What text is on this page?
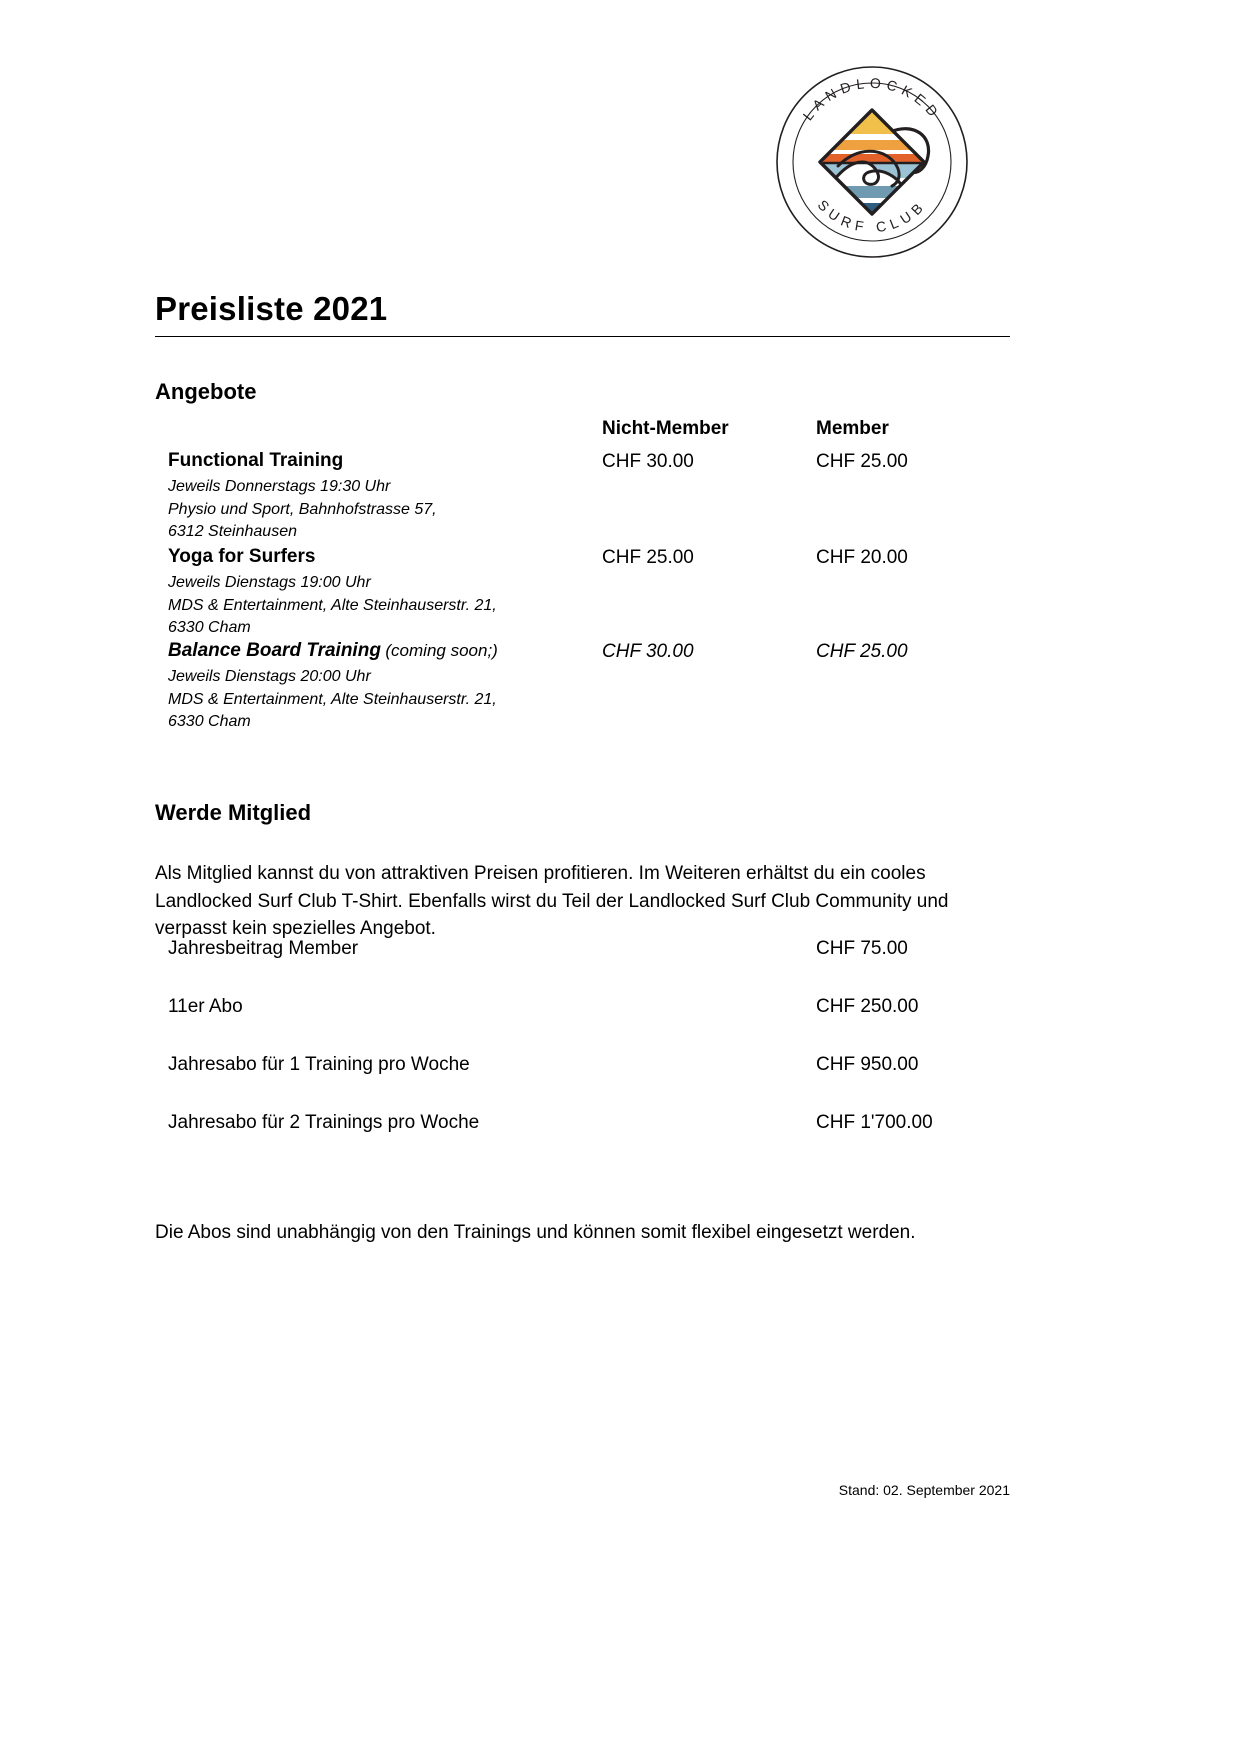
LANDLOCKED
SURF CLUB
Preisliste 2021
Angebote
Nicht-Member	Member
Functional Training	CHF 30.00	CHF 25.00
Jeweils Donnerstags 19:30 Uhr
Physio und Sport, Bahnhofstrasse 57,
6312 Steinhausen
Yoga for Surfers	CHF 25.00	CHF 20.00
Jeweils Dienstags 19:00 Uhr
MDS & Entertainment, Alte Steinhauserstr. 21,
6330 Cham
Balance Board Training (coming soon;)	CHF 30.00	CHF 25.00
Jeweils Dienstags 20:00 Uhr
MDS & Entertainment, Alte Steinhauserstr. 21,
6330 Cham
Werde Mitglied

Als Mitglied kannst du von attraktiven Preisen profitieren. Im Weiteren erhältst du ein cooles Landlocked Surf Club T-Shirt. Ebenfalls wirst du Teil der Landlocked Surf Club Community und verpasst kein spezielles Angebot.

Jahresbeitrag Member	CHF 75.00
11er Abo	CHF 250.00
Jahresabo für 1 Training pro Woche	CHF 950.00
Jahresabo für 2 Trainings pro Woche	CHF 1'700.00

Die Abos sind unabhängig von den Trainings und können somit flexibel eingesetzt werden.

Stand: 02. September 2021
